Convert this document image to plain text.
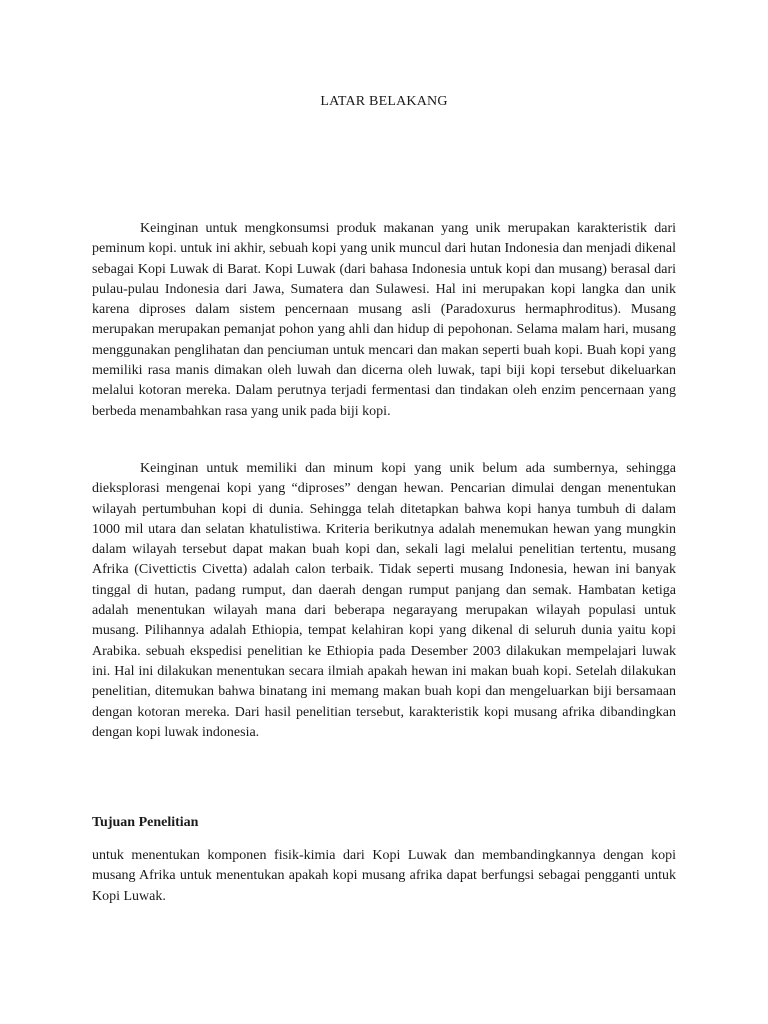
LATAR BELAKANG

Keinginan untuk mengkonsumsi produk makanan yang unik merupakan karakteristik dari peminum kopi. untuk ini akhir, sebuah kopi yang unik muncul dari hutan Indonesia dan menjadi dikenal sebagai Kopi Luwak di Barat. Kopi Luwak (dari bahasa Indonesia untuk kopi dan musang) berasal dari pulau-pulau Indonesia dari Jawa, Sumatera dan Sulawesi. Hal ini merupakan kopi langka dan unik karena diproses dalam sistem pencernaan musang asli (Paradoxurus hermaphroditus). Musang merupakan merupakan pemanjat pohon yang ahli dan hidup di pepohonan. Selama malam hari, musang menggunakan penglihatan dan penciuman untuk mencari dan makan seperti buah kopi. Buah kopi yang memiliki rasa manis dimakan oleh luwah dan dicerna oleh luwak, tapi biji kopi tersebut dikeluarkan melalui kotoran mereka. Dalam perutnya terjadi fermentasi dan tindakan oleh enzim pencernaan yang berbeda menambahkan rasa yang unik pada biji kopi.

Keinginan untuk memiliki dan minum kopi yang unik belum ada sumbernya, sehingga dieksplorasi mengenai kopi yang “diproses” dengan hewan. Pencarian dimulai dengan menentukan wilayah pertumbuhan kopi di dunia. Sehingga telah ditetapkan bahwa kopi hanya tumbuh di dalam 1000 mil utara dan selatan khatulistiwa. Kriteria berikutnya adalah menemukan hewan yang mungkin dalam wilayah tersebut dapat makan buah kopi dan, sekali lagi melalui penelitian tertentu, musang Afrika (Civettictis Civetta) adalah calon terbaik. Tidak seperti musang Indonesia, hewan ini banyak tinggal di hutan, padang rumput, dan daerah dengan rumput panjang dan semak. Hambatan ketiga adalah menentukan wilayah mana dari beberapa negarayang merupakan wilayah populasi untuk musang. Pilihannya adalah Ethiopia, tempat kelahiran kopi yang dikenal di seluruh dunia yaitu kopi Arabika. sebuah ekspedisi penelitian ke Ethiopia pada Desember 2003 dilakukan mempelajari luwak ini. Hal ini dilakukan menentukan secara ilmiah apakah hewan ini makan buah kopi. Setelah dilakukan penelitian, ditemukan bahwa binatang ini memang makan buah kopi dan mengeluarkan biji bersamaan dengan kotoran mereka. Dari hasil penelitian tersebut, karakteristik kopi musang afrika dibandingkan dengan kopi luwak indonesia.

Tujuan Penelitian

untuk menentukan komponen fisik-kimia dari Kopi Luwak dan membandingkannya dengan kopi musang Afrika untuk menentukan apakah kopi musang afrika dapat berfungsi sebagai pengganti untuk Kopi Luwak.
